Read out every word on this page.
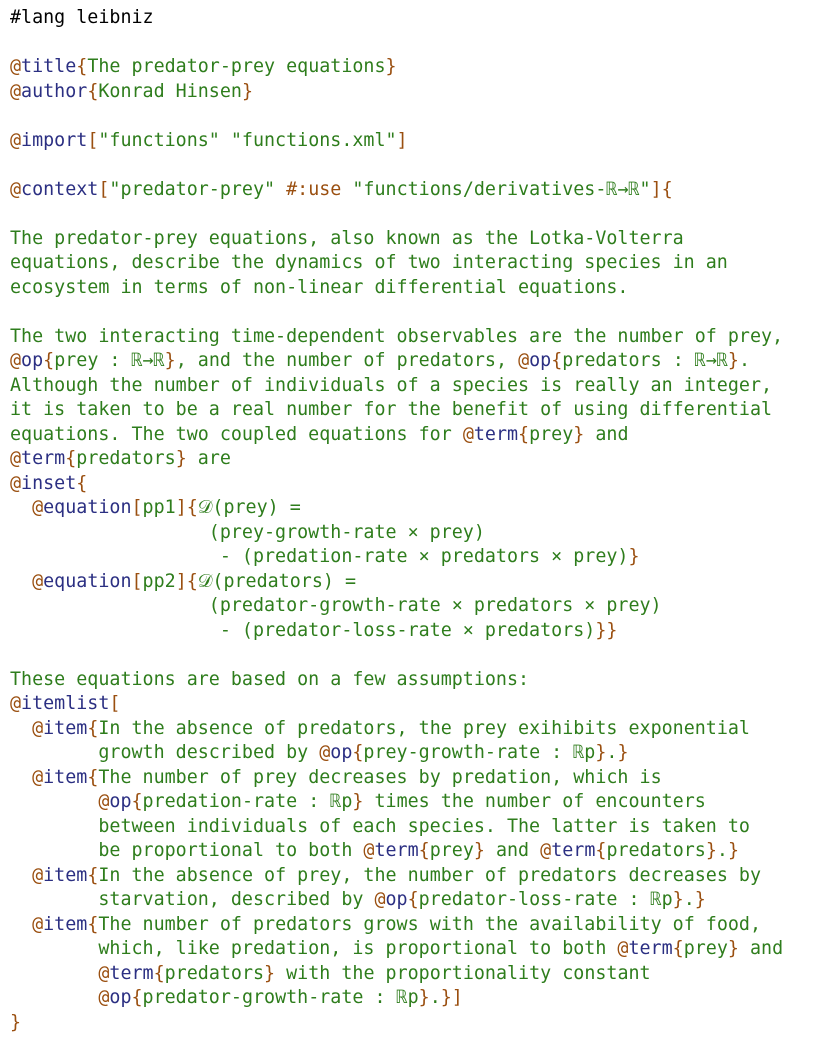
#lang leibniz
@title{The predator-prey equations}
@author{Konrad Hinsen}
@import["functions" "functions.xml"]
@context["predator-prey" #:use "functions/derivatives-ℝ→ℝ"]{
The predator-prey equations, also known as the Lotka-Volterra
equations, describe the dynamics of two interacting species in an
ecosystem in terms of non-linear differential equations.
The two interacting time-dependent observables are the number of prey,
@op{prey : ℝ→ℝ}, and the number of predators, @op{predators : ℝ→ℝ}.
Although the number of individuals of a species is really an integer,
it is taken to be a real number for the benefit of using differential
equations. The two coupled equations for @term{prey} and
@term{predators} are
@inset{
@equation[pp1]{𝒟(prey) =
(prey-growth-rate × prey)
- (predation-rate × predators × prey)}
@equation[pp2]{𝒟(predators) =
(predator-growth-rate × predators × prey)
- (predator-loss-rate × predators)}}
These equations are based on a few assumptions:
@itemlist[
@item{In the absence of predators, the prey exihibits exponential
growth described by @op{prey-growth-rate : ℝp}.}
@item{The number of prey decreases by predation, which is
@op{predation-rate : ℝp} times the number of encounters
between individuals of each species. The latter is taken to
be proportional to both @term{prey} and @term{predators}.}
@item{In the absence of prey, the number of predators decreases by
starvation, described by @op{predator-loss-rate : ℝp}.}
@item{The number of predators grows with the availability of food,
which, like predation, is proportional to both @term{prey} and
@term{predators} with the proportionality constant
@op{predator-growth-rate : ℝp}.}]
}
